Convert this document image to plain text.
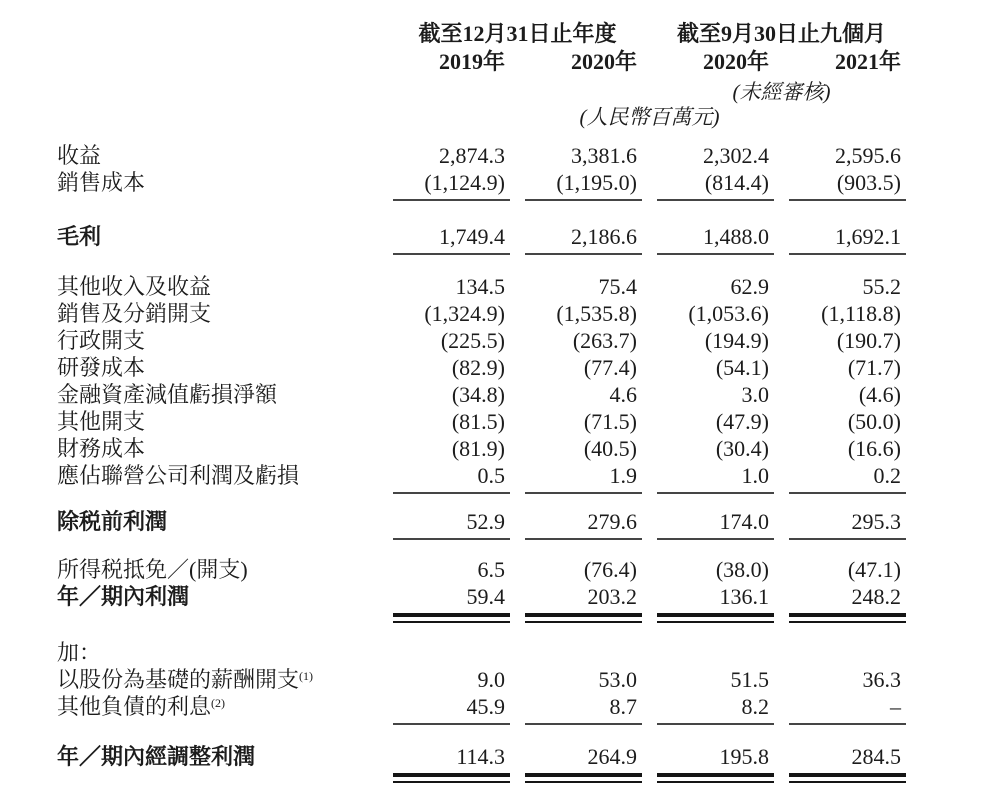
截至12月31日止年度	截至9月30日止九個月
2019年	2020年	2020年	2021年
(未經審核)
(人民幣百萬元)
收益	2,874.3	3,381.6	2,302.4	2,595.6
銷售成本	(1,124.9)	(1,195.0)	(814.4)	(903.5)
毛利	1,749.4	2,186.6	1,488.0	1,692.1
其他收入及收益	134.5	75.4	62.9	55.2
銷售及分銷開支	(1,324.9)	(1,535.8)	(1,053.6)	(1,118.8)
行政開支	(225.5)	(263.7)	(194.9)	(190.7)
研發成本	(82.9)	(77.4)	(54.1)	(71.7)
金融資產減值虧損淨額	(34.8)	4.6	3.0	(4.6)
其他開支	(81.5)	(71.5)	(47.9)	(50.0)
財務成本	(81.9)	(40.5)	(30.4)	(16.6)
應佔聯營公司利潤及虧損	0.5	1.9	1.0	0.2
除税前利潤	52.9	279.6	174.0	295.3
所得税抵免／(開支)	6.5	(76.4)	(38.0)	(47.1)
年／期內利潤	59.4	203.2	136.1	248.2
加：
以股份為基礎的薪酬開支$^{(1)}$	9.0	53.0	51.5	36.3
其他負債的利息$^{(2)}$	45.9	8.7	8.2	–
年／期內經調整利潤	114.3	264.9	195.8	284.5
